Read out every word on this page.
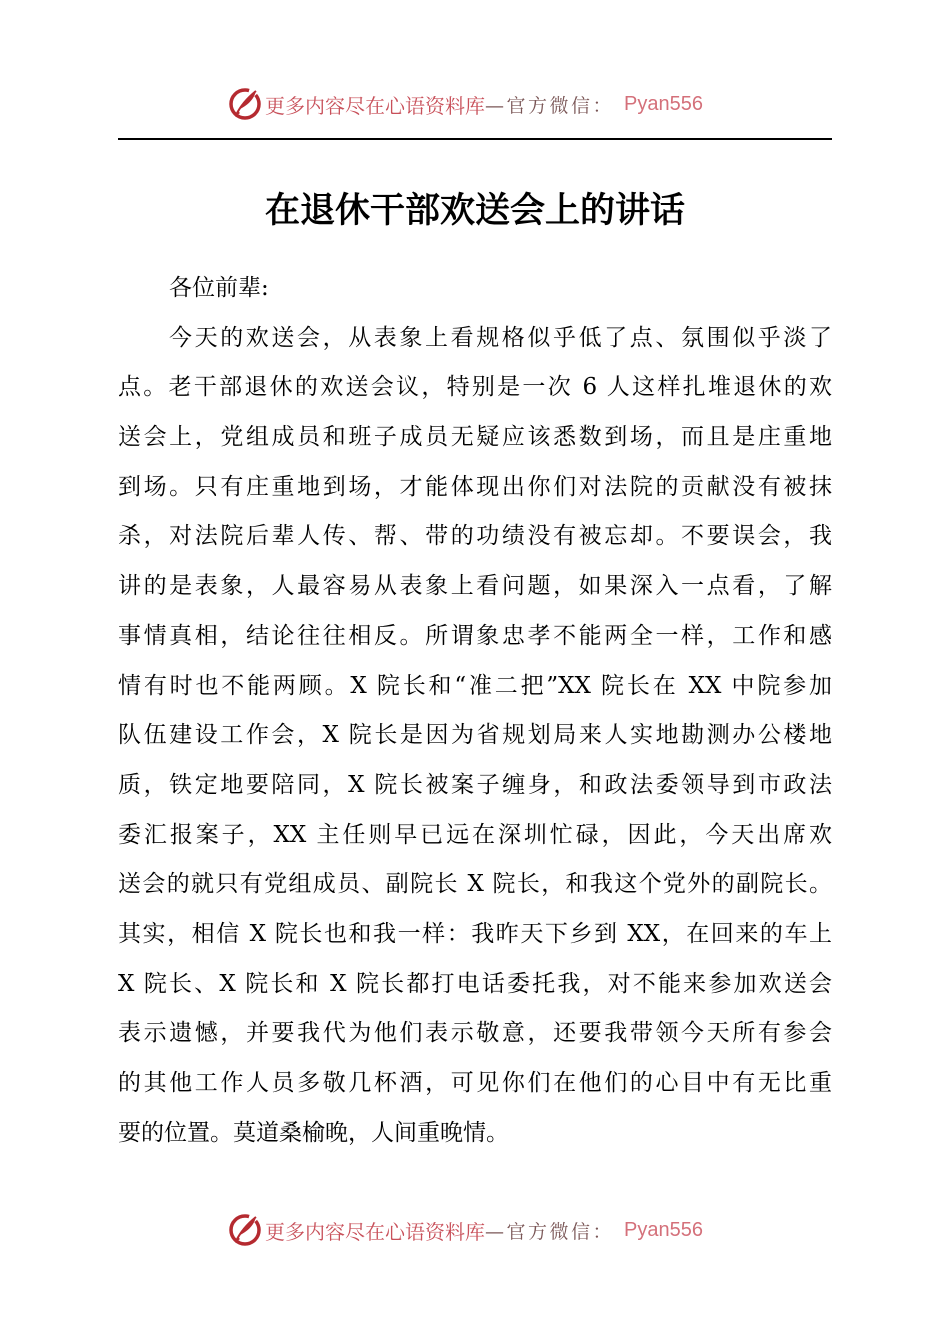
更多内容尽在心语资料库 —官方微信： Pyan556
在退休干部欢送会上的讲话
各位前辈:
今天的欢送会，从表象上看规格似乎低了点、氛围似乎淡了
点。老干部退休的欢送会议，特别是一次 6 人这样扎堆退休的欢
送会上，党组成员和班子成员无疑应该悉数到场，而且是庄重地
到场。只有庄重地到场，才能体现出你们对法院的贡献没有被抹
杀，对法院后辈人传、帮、带的功绩没有被忘却。不要误会，我
讲的是表象，人最容易从表象上看问题，如果深入一点看，了解
事情真相，结论往往相反。所谓象忠孝不能两全一样，工作和感
情有时也不能两顾。X 院长和“准二把”XX 院长在 XX 中院参加
队伍建设工作会，X 院长是因为省规划局来人实地勘测办公楼地
质，铁定地要陪同，X 院长被案子缠身，和政法委领导到市政法
委汇报案子，XX 主任则早已远在深圳忙碌，因此，今天出席欢
送会的就只有党组成员、副院长 X 院长，和我这个党外的副院长。
其实，相信 X 院长也和我一样：我昨天下乡到 XX，在回来的车上
X 院长、X 院长和 X 院长都打电话委托我，对不能来参加欢送会
表示遗憾，并要我代为他们表示敬意，还要我带领今天所有参会
的其他工作人员多敬几杯酒，可见你们在他们的心目中有无比重
要的位置。莫道桑榆晚，人间重晚情。
更多内容尽在心语资料库 —官方微信： Pyan556
